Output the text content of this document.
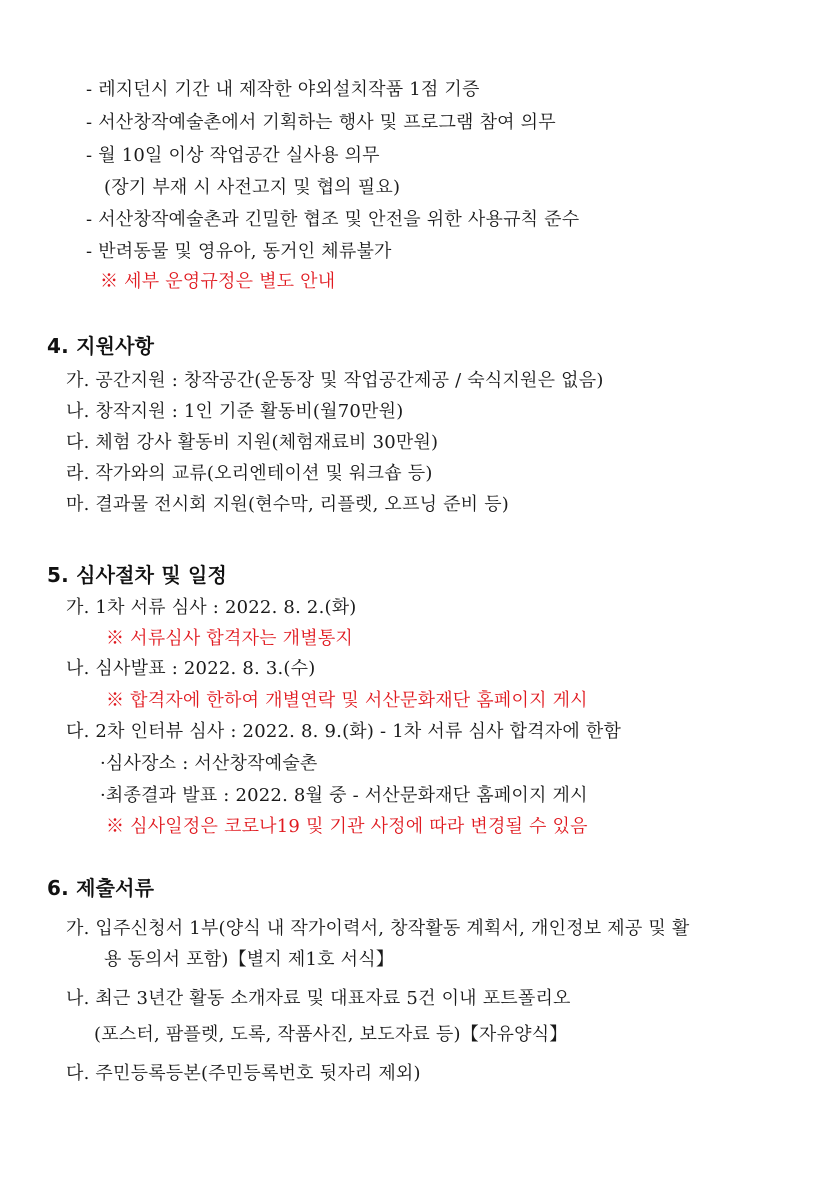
- 레지던시 기간 내 제작한 야외설치작품 1점 기증
- 서산창작예술촌에서 기획하는 행사 및 프로그램 참여 의무
- 월 10일 이상 작업공간 실사용 의무
(장기 부재 시 사전고지 및 협의 필요)
- 서산창작예술촌과 긴밀한 협조 및 안전을 위한 사용규칙 준수
- 반려동물 및 영유아, 동거인 체류불가
※ 세부 운영규정은 별도 안내
4. 지원사항
가. 공간지원 : 창작공간(운동장 및 작업공간제공 / 숙식지원은 없음)
나. 창작지원 : 1인 기준 활동비(월70만원)
다. 체험 강사 활동비 지원(체험재료비 30만원)
라. 작가와의 교류(오리엔테이션 및 워크숍 등)
마. 결과물 전시회 지원(현수막, 리플렛, 오프닝 준비 등)
5. 심사절차 및 일정
가. 1차 서류 심사 : 2022. 8. 2.(화)
※ 서류심사 합격자는 개별통지
나. 심사발표 : 2022. 8. 3.(수)
※ 합격자에 한하여 개별연락 및 서산문화재단 홈페이지 게시
다. 2차 인터뷰 심사 : 2022. 8. 9.(화) - 1차 서류 심사 합격자에 한함
·심사장소 : 서산창작예술촌
·최종결과 발표 : 2022. 8월 중 - 서산문화재단 홈페이지 게시
※ 심사일정은 코로나19 및 기관 사정에 따라 변경될 수 있음
6. 제출서류
가. 입주신청서 1부(양식 내 작가이력서, 창작활동 계획서, 개인정보 제공 및 활
용 동의서 포함)【별지 제1호 서식】
나. 최근 3년간 활동 소개자료 및 대표자료 5건 이내 포트폴리오
(포스터, 팜플렛, 도록, 작품사진, 보도자료 등)【자유양식】
다. 주민등록등본(주민등록번호 뒷자리 제외)
